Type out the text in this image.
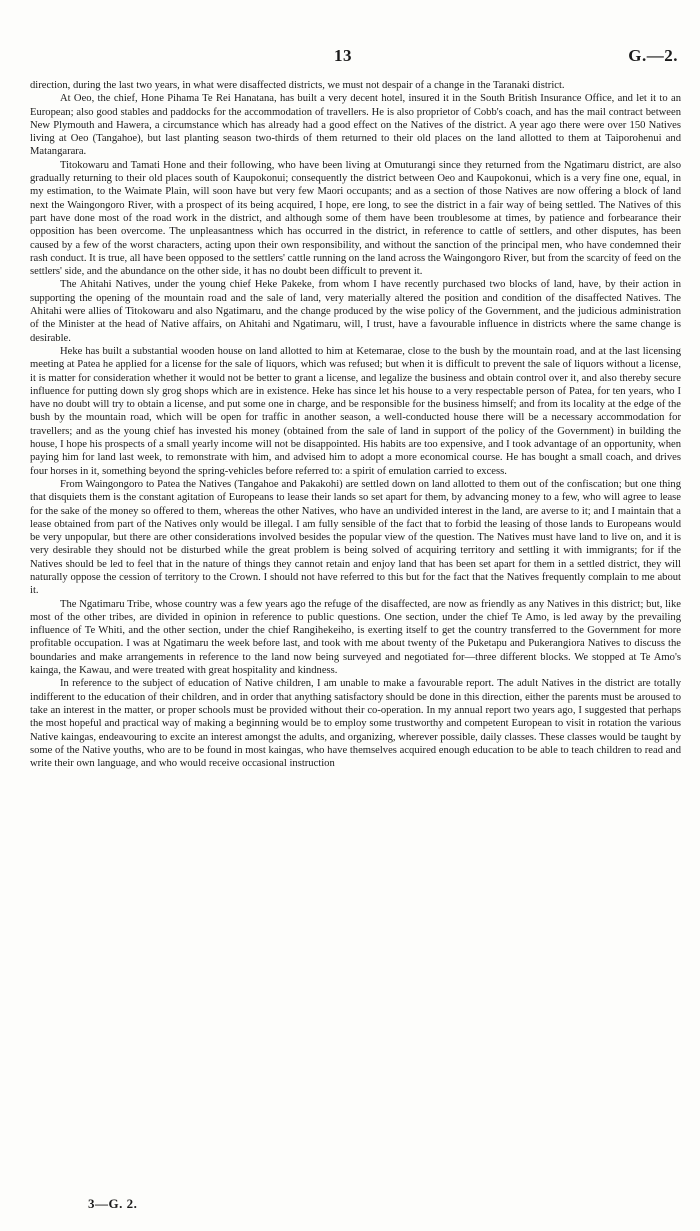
13	G.—2.

direction, during the last two years, in what were disaffected districts, we must not despair of a change in the Taranaki district.

At Oeo, the chief, Hone Pihama Te Rei Hanatana, has built a very decent hotel, insured it in the South British Insurance Office, and let it to an European; also good stables and paddocks for the accommodation of travellers. He is also proprietor of Cobb's coach, and has the mail contract between New Plymouth and Hawera, a circumstance which has already had a good effect on the Natives of the district. A year ago there were over 150 Natives living at Oeo (Tangahoe), but last planting season two-thirds of them returned to their old places on the land allotted to them at Taiporohenui and Matangarara.

Titokowaru and Tamati Hone and their following, who have been living at Omuturangi since they returned from the Ngatimaru district, are also gradually returning to their old places south of Kaupokonui; consequently the district between Oeo and Kaupokonui, which is a very fine one, equal, in my estimation, to the Waimate Plain, will soon have but very few Maori occupants; and as a section of those Natives are now offering a block of land next the Waingongoro River, with a prospect of its being acquired, I hope, ere long, to see the district in a fair way of being settled. The Natives of this part have done most of the road work in the district, and although some of them have been troublesome at times, by patience and forbearance their opposition has been overcome. The unpleasantness which has occurred in the district, in reference to cattle of settlers, and other disputes, has been caused by a few of the worst characters, acting upon their own responsibility, and without the sanction of the principal men, who have condemned their rash conduct. It is true, all have been opposed to the settlers' cattle running on the land across the Waingongoro River, but from the scarcity of feed on the settlers' side, and the abundance on the other side, it has no doubt been difficult to prevent it.

The Ahitahi Natives, under the young chief Heke Pakeke, from whom I have recently purchased two blocks of land, have, by their action in supporting the opening of the mountain road and the sale of land, very materially altered the position and condition of the disaffected Natives. The Ahitahi were allies of Titokowaru and also Ngatimaru, and the change produced by the wise policy of the Government, and the judicious administration of the Minister at the head of Native affairs, on Ahitahi and Ngatimaru, will, I trust, have a favourable influence in districts where the same change is desirable.

Heke has built a substantial wooden house on land allotted to him at Ketemarae, close to the bush by the mountain road, and at the last licensing meeting at Patea he applied for a license for the sale of liquors, which was refused; but when it is difficult to prevent the sale of liquors without a license, it is matter for consideration whether it would not be better to grant a license, and legalize the business and obtain control over it, and also thereby secure influence for putting down sly grog shops which are in existence. Heke has since let his house to a very respectable person of Patea, for ten years, who I have no doubt will try to obtain a license, and put some one in charge, and be responsible for the business himself; and from its locality at the edge of the bush by the mountain road, which will be open for traffic in another season, a well-conducted house there will be a necessary accommodation for travellers; and as the young chief has invested his money (obtained from the sale of land in support of the policy of the Government) in building the house, I hope his prospects of a small yearly income will not be disappointed. His habits are too expensive, and I took advantage of an opportunity, when paying him for land last week, to remonstrate with him, and advised him to adopt a more economical course. He has bought a small coach, and drives four horses in it, something beyond the spring-vehicles before referred to: a spirit of emulation carried to excess.

From Waingongoro to Patea the Natives (Tangahoe and Pakakohi) are settled down on land allotted to them out of the confiscation; but one thing that disquiets them is the constant agitation of Europeans to lease their lands so set apart for them, by advancing money to a few, who will agree to lease for the sake of the money so offered to them, whereas the other Natives, who have an undivided interest in the land, are averse to it; and I maintain that a lease obtained from part of the Natives only would be illegal. I am fully sensible of the fact that to forbid the leasing of those lands to Europeans would be very unpopular, but there are other considerations involved besides the popular view of the question. The Natives must have land to live on, and it is very desirable they should not be disturbed while the great problem is being solved of acquiring territory and settling it with immigrants; for if the Natives should be led to feel that in the nature of things they cannot retain and enjoy land that has been set apart for them in a settled district, they will naturally oppose the cession of territory to the Crown. I should not have referred to this but for the fact that the Natives frequently complain to me about it.

The Ngatimaru Tribe, whose country was a few years ago the refuge of the disaffected, are now as friendly as any Natives in this district; but, like most of the other tribes, are divided in opinion in reference to public questions. One section, under the chief Te Amo, is led away by the prevailing influence of Te Whiti, and the other section, under the chief Rangihekeiho, is exerting itself to get the country transferred to the Government for more profitable occupation. I was at Ngatimaru the week before last, and took with me about twenty of the Puketapu and Pukerangiora Natives to discuss the boundaries and make arrangements in reference to the land now being surveyed and negotiated for—three different blocks. We stopped at Te Amo's kainga, the Kawau, and were treated with great hospitality and kindness.

In reference to the subject of education of Native children, I am unable to make a favourable report. The adult Natives in the district are totally indifferent to the education of their children, and in order that anything satisfactory should be done in this direction, either the parents must be aroused to take an interest in the matter, or proper schools must be provided without their co-operation. In my annual report two years ago, I suggested that perhaps the most hopeful and practical way of making a beginning would be to employ some trustworthy and competent European to visit in rotation the various Native kaingas, endeavouring to excite an interest amongst the adults, and organizing, wherever possible, daily classes. These classes would be taught by some of the Native youths, who are to be found in most kaingas, who have themselves acquired enough education to be able to teach children to read and write their own language, and who would receive occasional instruction

3—G. 2.
